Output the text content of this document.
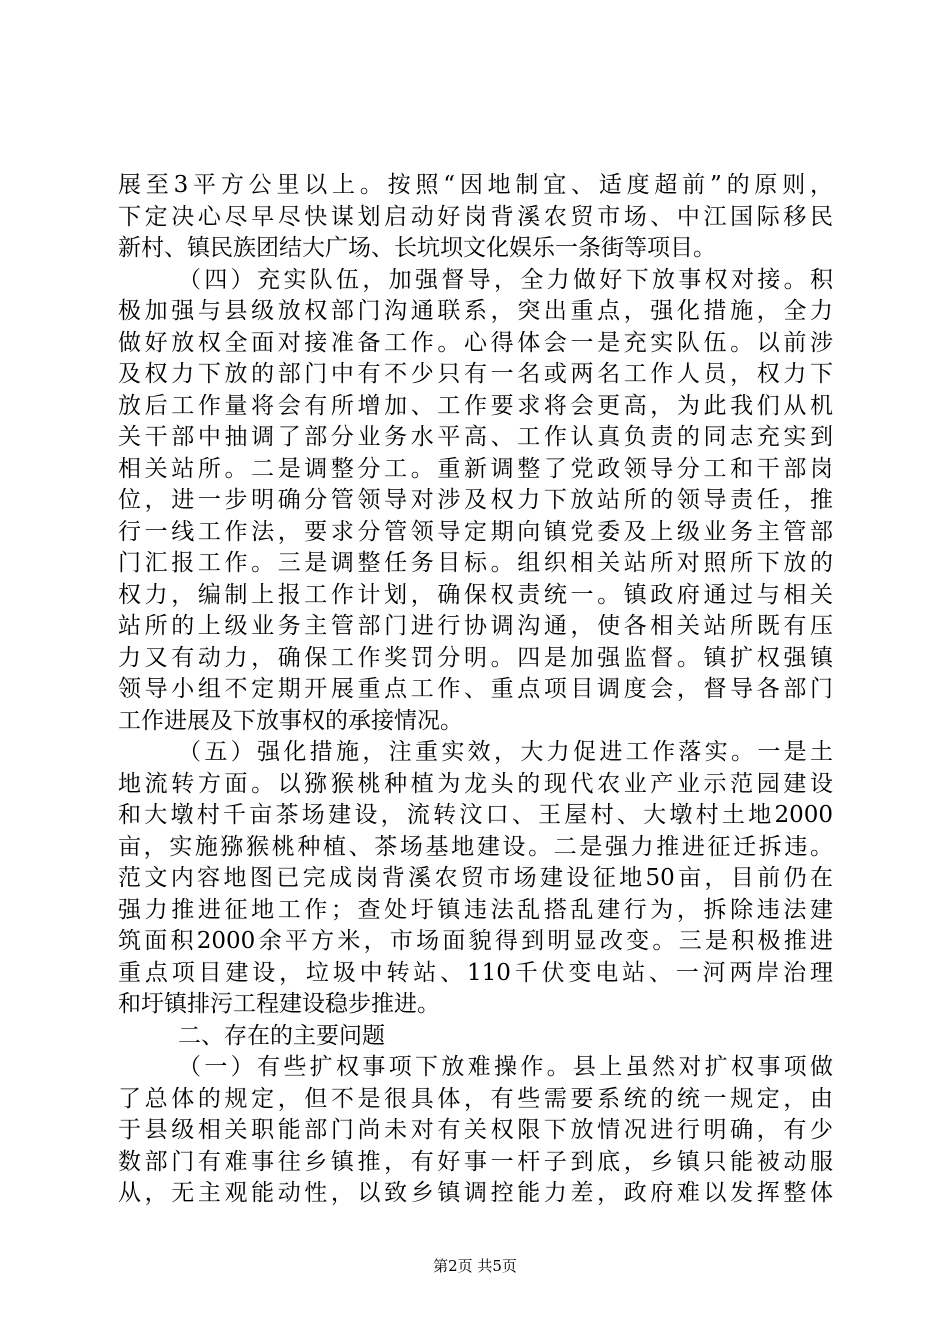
展至3平方公里以上。按照“因地制宜、适度超前”的原则，
下定决心尽早尽快谋划启动好岗背溪农贸市场、中江国际移民
新村、镇民族团结大广场、长坑坝文化娱乐一条街等项目。
（四）充实队伍，加强督导，全力做好下放事权对接。积
极加强与县级放权部门沟通联系，突出重点，强化措施，全力
做好放权全面对接准备工作。心得体会一是充实队伍。以前涉
及权力下放的部门中有不少只有一名或两名工作人员，权力下
放后工作量将会有所增加、工作要求将会更高，为此我们从机
关干部中抽调了部分业务水平高、工作认真负责的同志充实到
相关站所。二是调整分工。重新调整了党政领导分工和干部岗
位，进一步明确分管领导对涉及权力下放站所的领导责任，推
行一线工作法，要求分管领导定期向镇党委及上级业务主管部
门汇报工作。三是调整任务目标。组织相关站所对照所下放的
权力，编制上报工作计划，确保权责统一。镇政府通过与相关
站所的上级业务主管部门进行协调沟通，使各相关站所既有压
力又有动力，确保工作奖罚分明。四是加强监督。镇扩权强镇
领导小组不定期开展重点工作、重点项目调度会，督导各部门
工作进展及下放事权的承接情况。
（五）强化措施，注重实效，大力促进工作落实。一是土
地流转方面。以猕猴桃种植为龙头的现代农业产业示范园建设
和大墩村千亩茶场建设，流转汶口、王屋村、大墩村土地2000
亩，实施猕猴桃种植、茶场基地建设。二是强力推进征迁拆违。
范文内容地图已完成岗背溪农贸市场建设征地50亩，目前仍在
强力推进征地工作；查处圩镇违法乱搭乱建行为，拆除违法建
筑面积2000余平方米，市场面貌得到明显改变。三是积极推进
重点项目建设，垃圾中转站、110千伏变电站、一河两岸治理
和圩镇排污工程建设稳步推进。
二、存在的主要问题
（一）有些扩权事项下放难操作。县上虽然对扩权事项做
了总体的规定，但不是很具体，有些需要系统的统一规定，由
于县级相关职能部门尚未对有关权限下放情况进行明确，有少
数部门有难事往乡镇推，有好事一杆子到底，乡镇只能被动服
从，无主观能动性，以致乡镇调控能力差，政府难以发挥整体
第2页 共5页
